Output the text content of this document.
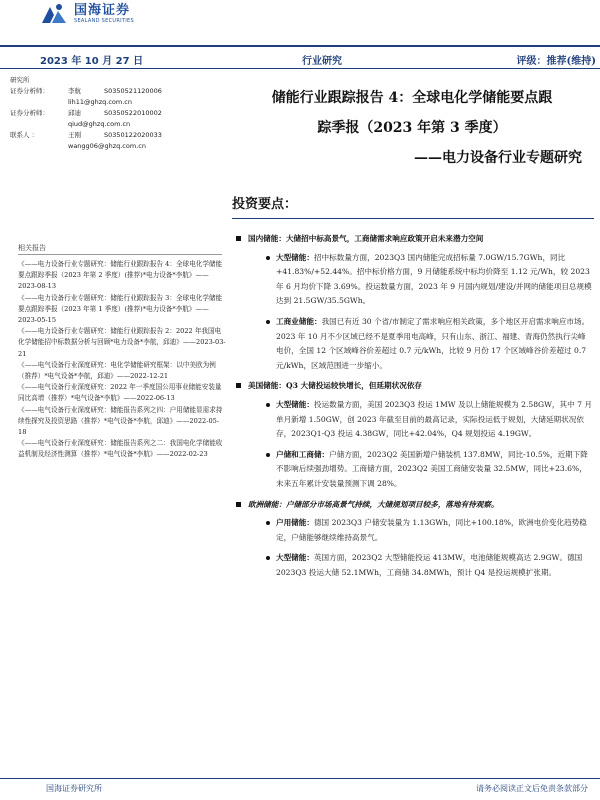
国海证券
SEALAND SECURITIES
2023 年 10 月 27 日	行业研究	评级：推荐(维持)
研究所
证券分析师：	李航	S0350521120006
lih11@ghzq.com.cn
证券分析师：	邱迪	S0350522010002
qiud@ghzq.com.cn
联系人 ：	王刚	S0350122020033
wangg06@ghzq.com.cn
储能行业跟踪报告 4：全球电化学储能要点跟
踪季报（2023 年第 3 季度）
——电力设备行业专题研究
投资要点：
相关报告

《——电力设备行业专题研究：储能行业跟踪报告 4：全球电化学储能要点跟踪季报（2023 年第 2 季度）(推荐)*电力设备*李航》——2023-08-13

《——电力设备行业专题研究：储能行业跟踪报告 3：全球电化学储能要点跟踪季报（2023 年第 1 季度）(推荐)*电力设备*李航》——2023-05-15

《——电力设备行业专题研究：储能行业跟踪报告 2：2022 年我国电化学储能招中标数据分析与回顾*电力设备*李航，邱迪》——2023-03-21

《——电气设备行业深度研究：电化学储能研究框架：以中美欧为例（推荐）*电气设备*李航，邱迪》——2022-12-21

《——电气设备行业深度研究：2022 年一季度国公用事业储能安装量同比高增（推荐）*电气设备*李航》——2022-06-13

《——电气设备行业深度研究：储能报告系列之四：户用储能显需求持续性探究及投资思路（推荐）*电气设备*李航，邱迪》——2022-05-18

《——电气设备行业深度研究：储能报告系列之二：我国电化学储能收益机制及经济性测算（推荐）*电气设备*李航》——2022-02-23

国内储能：大储招中标高景气，工商储需求响应政策开启未来潜力空间
大型储能：招中标数量方面，2023Q3 国内储能完成招标量 7.0GW/15.7GWh，同比+41.83%/+52.44%。招中标价格方面，9 月储能系统中标均价降至 1.12 元/Wh，较 2023 年 6 月均价下降 3.69%。投运数量方面，2023 年 9 月国内规划/建设/并网的储能项目总规模达到 21.5GW/35.5GWh。
工商业储能：我国已有近 30 个省/市制定了需求响应相关政策，多个地区开启需求响应市场。2023 年 10 月不少区域已经不是夏季用电高峰，只有山东、浙江、福建、青海仍然执行尖峰电价，全国 12 个区域峰谷价差超过 0.7 元/kWh，比较 9 月份 17 个区域峰谷价差超过 0.7 元/kWh，区域范围进一步缩小。
美国储能：Q3 大储投运较快增长，但延期状况依存
大型储能：投运数量方面，美国 2023Q3 投运 1MW 及以上储能规模为 2.58GW，其中 7 月单月新增 1.50GW，创 2023 年截至目前的最高记录，实际投运低于规划，大储延期状况依存，2023Q1-Q3 投运 4.38GW，同比+42.04%，Q4 规划投运 4.19GW。
户储和工商储：户储方面，2023Q2 美国新增户储装机 137.8MW，同比-10.5%，近期下降不影响后续强劲增势。工商储方面，2023Q2 美国工商储安装量 32.5MW，同比+23.6%，未来五年累计安装量预测下调 28%。
欧洲储能：户储部分市场高景气持续，大储规划项目较多，落地有待观察。
户用储能：德国 2023Q3 户储安装量为 1.13GWh，同比+100.18%，欧洲电价变化趋势稳定，户储能够继续维持高景气。
大型储能：英国方面，2023Q2 大型储能投运 413MW，电池储能规模高达 2.9GW。德国 2023Q3 投运大储 52.1MWh，工商储 34.8MWh，预计 Q4 是投运规模扩张期。
国海证券研究所	请务必阅读正文后免责条款部分
